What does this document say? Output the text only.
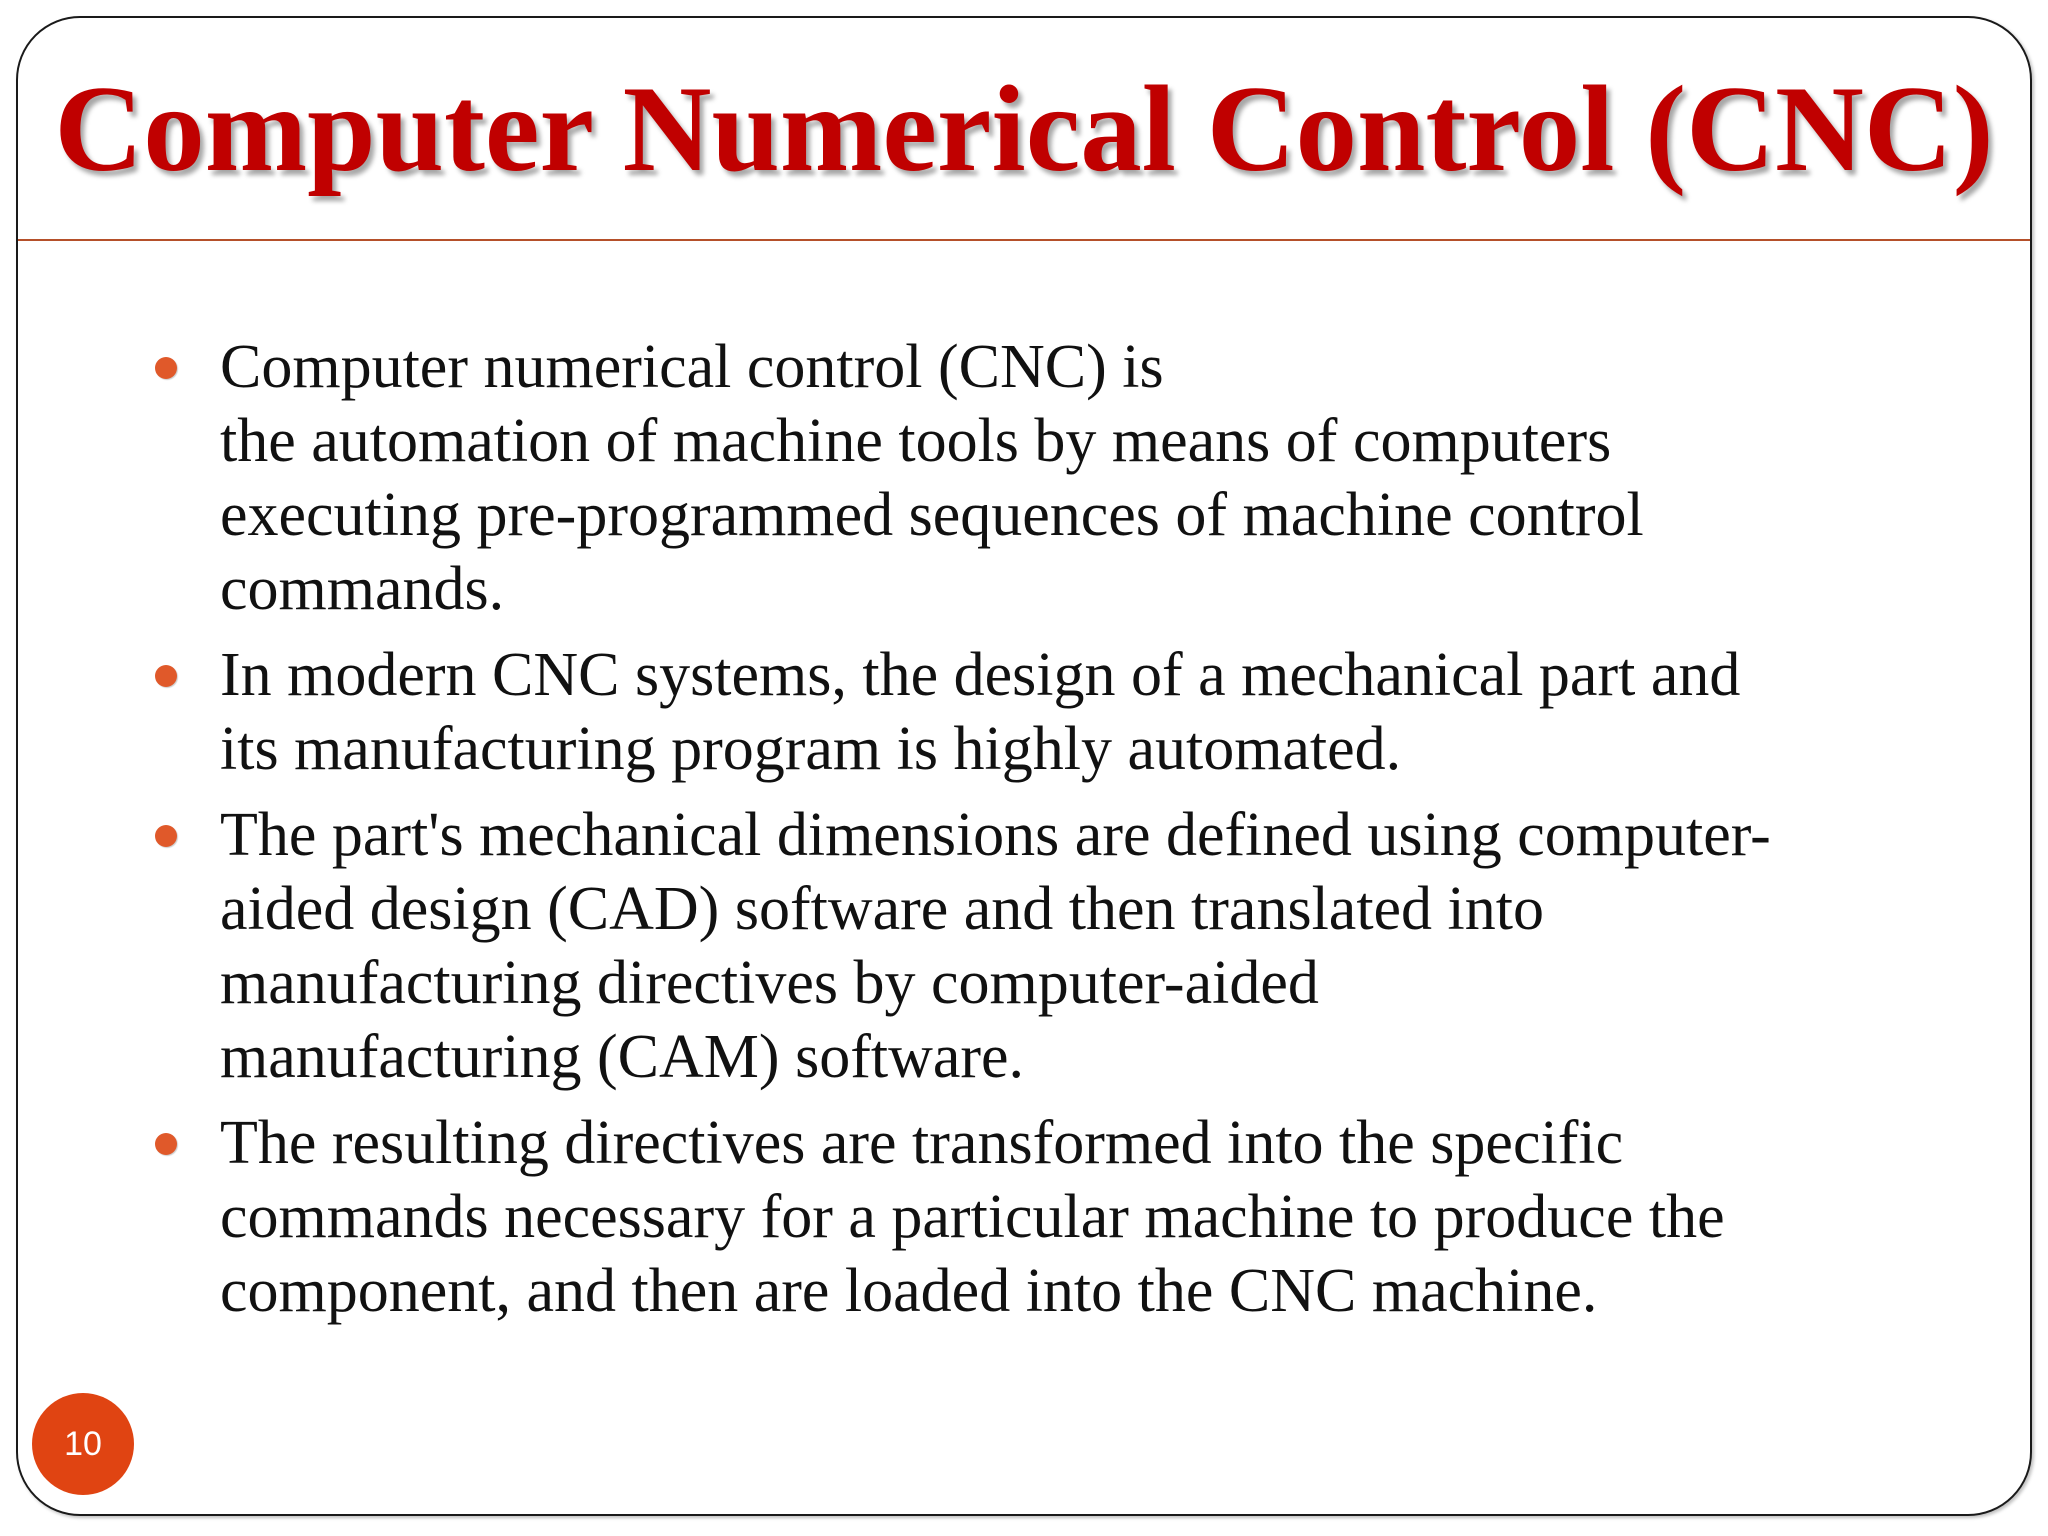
Computer Numerical Control (CNC)
Computer numerical control (CNC) is
the automation of machine tools by means of computers
executing pre-programmed sequences of machine control
commands.
In modern CNC systems, the design of a mechanical part and
its manufacturing program is highly automated.
The part's mechanical dimensions are defined using computer-
aided design (CAD) software and then translated into
manufacturing directives by computer-aided
manufacturing (CAM) software.
The resulting directives are transformed into the specific
commands necessary for a particular machine to produce the
component, and then are loaded into the CNC machine.
10
